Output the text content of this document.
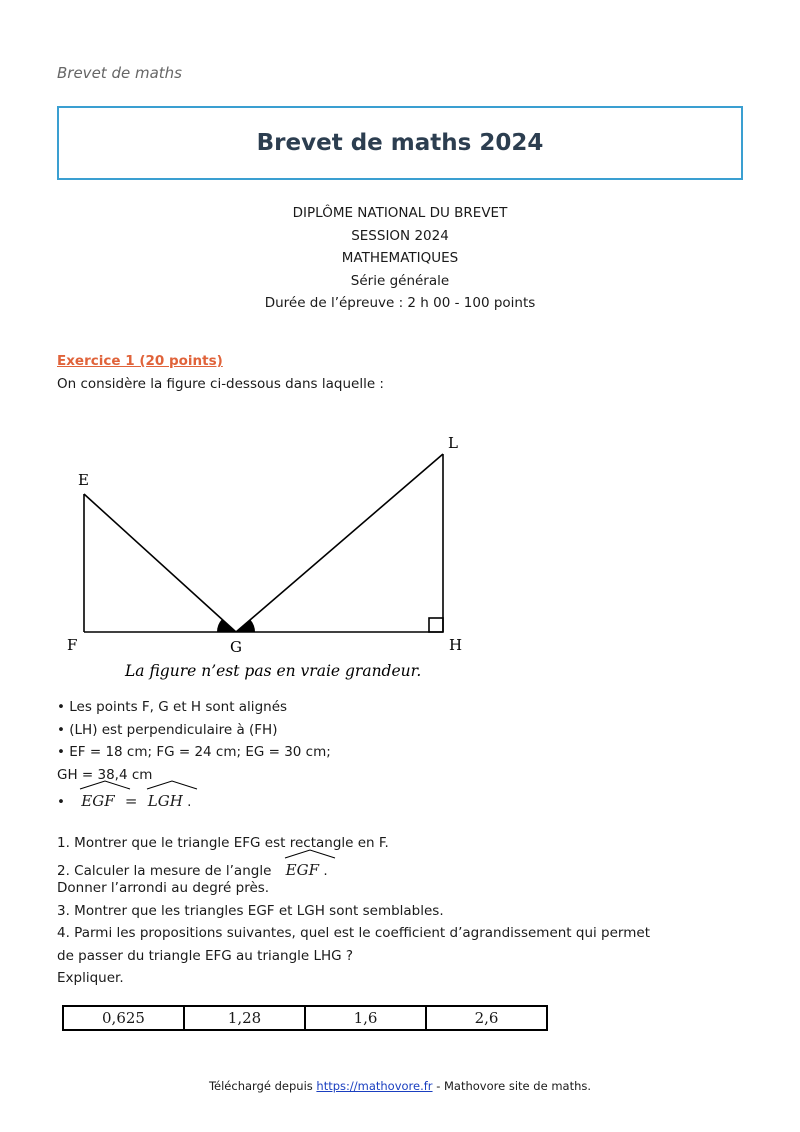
Brevet de maths
Brevet de maths 2024
DIPLÔME NATIONAL DU BREVET
SESSION 2024
MATHEMATIQUES
Série générale
Durée de l’épreuve : 2 h 00 - 100 points
Exercice 1 (20 points)
On considère la figure ci-dessous dans laquelle :
E
F	G	H
L
La figure n’est pas en vraie grandeur.
• Les points F, G et H sont alignés
• (LH) est perpendiculaire à (FH)
• EF = 18 cm; FG = 24 cm; EG = 30 cm;
GH = 38,4 cm
• EGF = LGH .
1. Montrer que le triangle EFG est rectangle en F.
2. Calculer la mesure de l’angle EGF .
Donner l’arrondi au degré près.
3. Montrer que les triangles EGF et LGH sont semblables.
4. Parmi les propositions suivantes, quel est le coefficient d’agrandissement qui permet
de passer du triangle EFG au triangle LHG ?
Expliquer.
0,625	1,28	1,6	2,6
Téléchargé depuis https://mathovore.fr - Mathovore site de maths.
